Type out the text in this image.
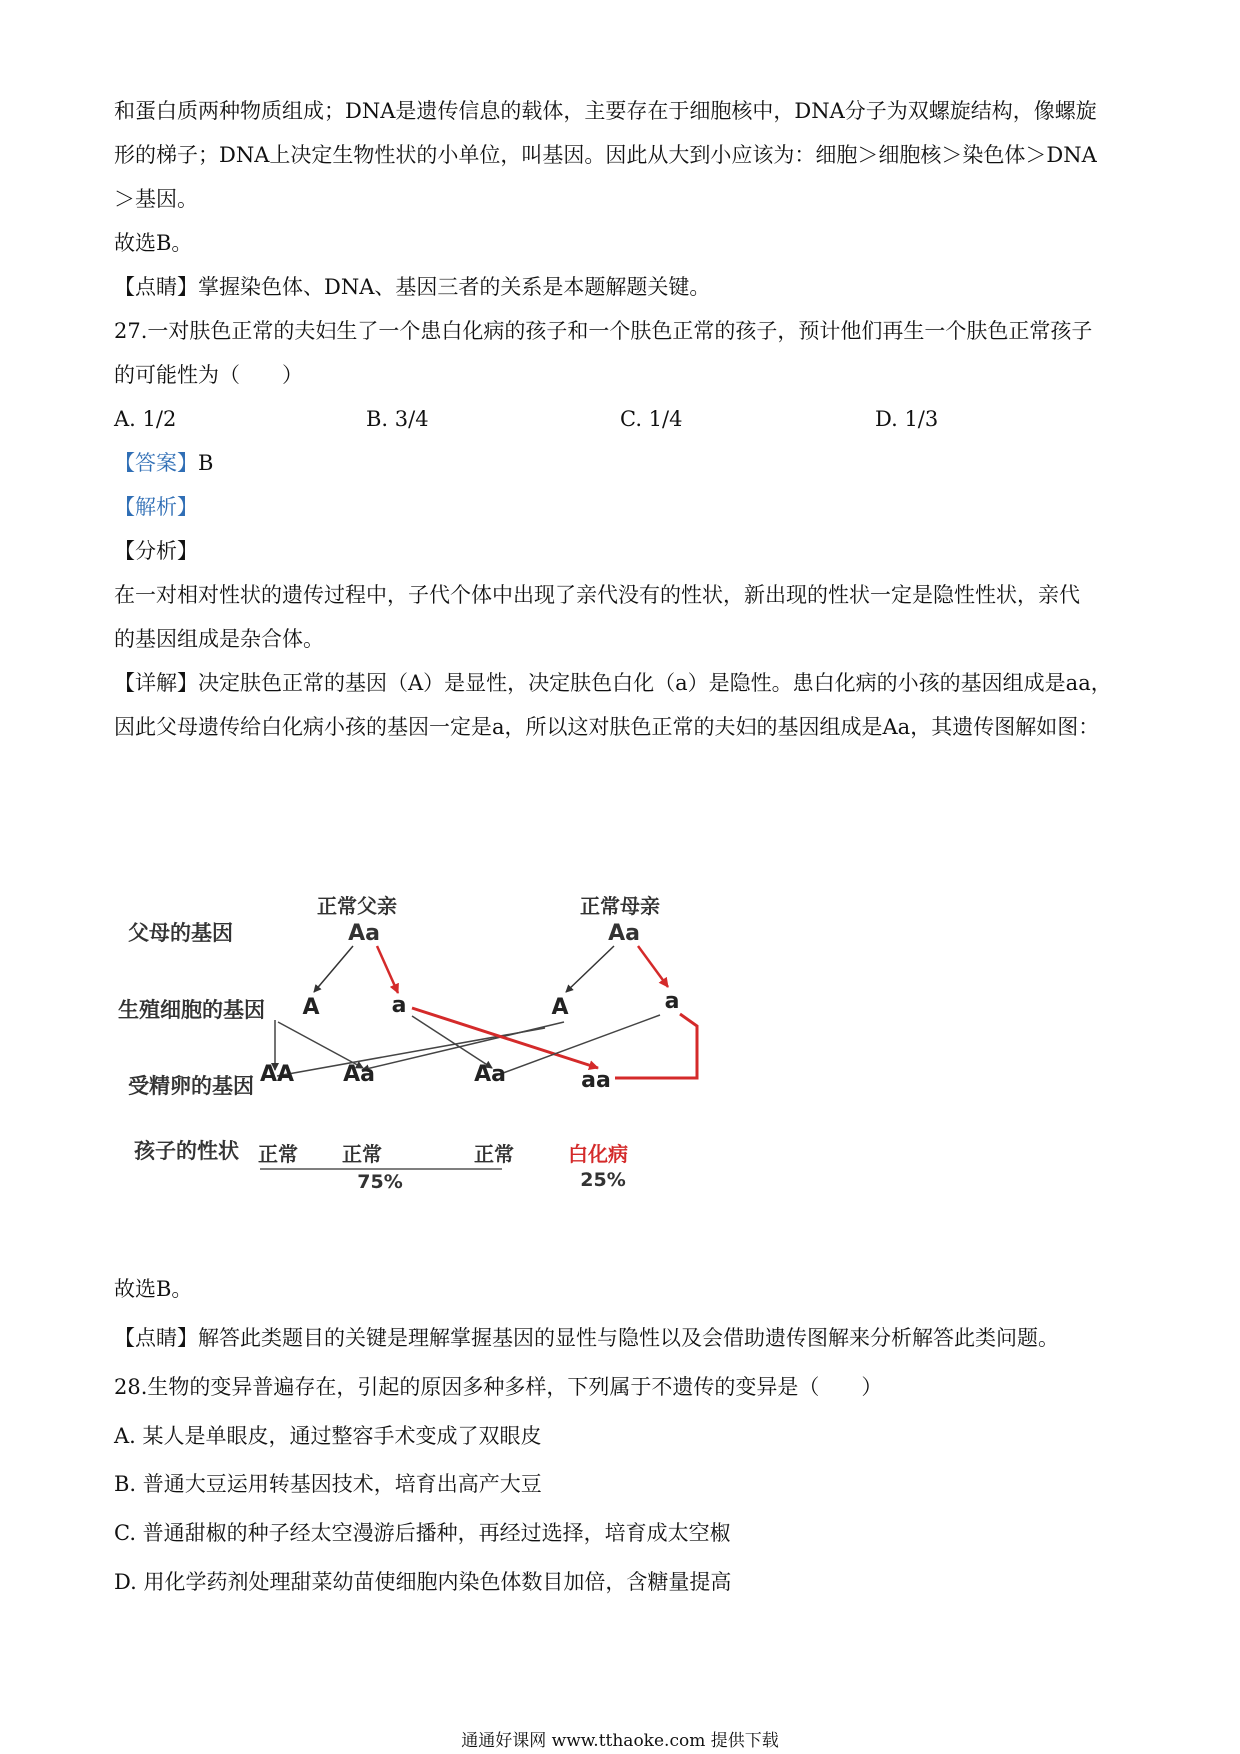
和蛋白质两种物质组成；DNA是遗传信息的载体，主要存在于细胞核中，DNA分子为双螺旋结构，像螺旋
形的梯子；DNA上决定生物性状的小单位，叫基因。因此从大到小应该为：细胞＞细胞核＞染色体＞DNA
＞基因。
故选B。
【点睛】掌握染色体、DNA、基因三者的关系是本题解题关键。
27.一对肤色正常的夫妇生了一个患白化病的孩子和一个肤色正常的孩子，预计他们再生一个肤色正常孩子
的可能性为（　　）
A. 1/2	B. 3/4	C. 1/4	D. 1/3
【答案】B
【解析】
【分析】
在一对相对性状的遗传过程中，子代个体中出现了亲代没有的性状，新出现的性状一定是隐性性状，亲代
的基因组成是杂合体。
【详解】决定肤色正常的基因（A）是显性，决定肤色白化（a）是隐性。患白化病的小孩的基因组成是aa，
因此父母遗传给白化病小孩的基因一定是a，所以这对肤色正常的夫妇的基因组成是Aa，其遗传图解如图：
父母的基因
生殖细胞的基因
受精卵的基因
孩子的性状
正常父亲
Aa
正常母亲
Aa
A	a	A	a
AA Aa	Aa	aa
正常 正常	正常	白化病
75%	25%
故选B。
【点睛】解答此类题目的关键是理解掌握基因的显性与隐性以及会借助遗传图解来分析解答此类问题。
28.生物的变异普遍存在，引起的原因多种多样，下列属于不遗传的变异是（　　）
A. 某人是单眼皮，通过整容手术变成了双眼皮
B. 普通大豆运用转基因技术，培育出高产大豆
C. 普通甜椒的种子经太空漫游后播种，再经过选择，培育成太空椒
D. 用化学药剂处理甜菜幼苗使细胞内染色体数目加倍，含糖量提高
通通好课网 www.tthaoke.com 提供下载
